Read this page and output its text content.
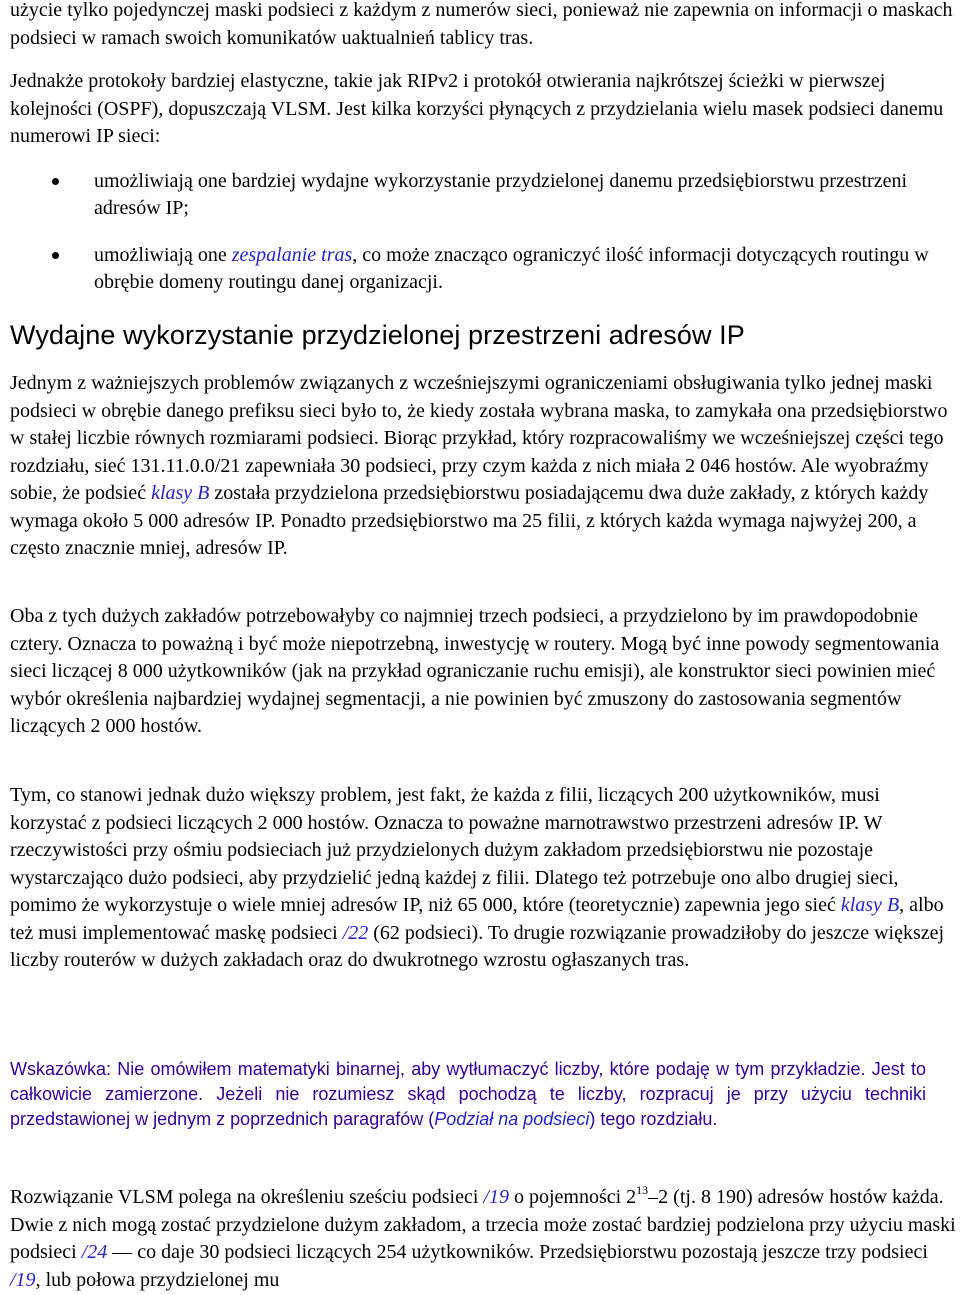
użycie tylko pojedynczej maski podsieci z każdym z numerów sieci, ponieważ nie zapewnia on informacji o maskach podsieci w ramach swoich komunikatów uaktualnień tablicy tras.

Jednakże protokoły bardziej elastyczne, takie jak RIPv2 i protokół otwierania najkrótszej ścieżki w pierwszej kolejności (OSPF), dopuszczają VLSM. Jest kilka korzyści płynących z przydzielania wielu masek podsieci danemu numerowi IP sieci:

umożliwiają one bardziej wydajne wykorzystanie przydzielonej danemu przedsiębiorstwu przestrzeni adresów IP;
umożliwiają one zespalanie tras, co może znacząco ograniczyć ilość informacji dotyczących routingu w obrębie domeny routingu danej organizacji.
Wydajne wykorzystanie przydzielonej przestrzeni adresów IP

Jednym z ważniejszych problemów związanych z wcześniejszymi ograniczeniami obsługiwania tylko jednej maski podsieci w obrębie danego prefiksu sieci było to, że kiedy została wybrana maska, to zamykała ona przedsiębiorstwo w stałej liczbie równych rozmiarami podsieci. Biorąc przykład, który rozpracowaliśmy we wcześniejszej części tego rozdziału, sieć 131.11.0.0/21 zapewniała 30 podsieci, przy czym każda z nich miała 2 046 hostów. Ale wyobraźmy sobie, że podsieć klasy B została przydzielona przedsiębiorstwu posiadającemu dwa duże zakłady, z których każdy wymaga około 5 000 adresów IP. Ponadto przedsiębiorstwo ma 25 filii, z których każda wymaga najwyżej 200, a często znacznie mniej, adresów IP.

Oba z tych dużych zakładów potrzebowałyby co najmniej trzech podsieci, a przydzielono by im prawdopodobnie cztery. Oznacza to poważną i być może niepotrzebną, inwestycję w routery. Mogą być inne powody segmentowania sieci liczącej 8 000 użytkowników (jak na przykład ograniczanie ruchu emisji), ale konstruktor sieci powinien mieć wybór określenia najbardziej wydajnej segmentacji, a nie powinien być zmuszony do zastosowania segmentów liczących 2 000 hostów.

Tym, co stanowi jednak dużo większy problem, jest fakt, że każda z filii, liczących 200 użytkowników, musi korzystać z podsieci liczących 2 000 hostów. Oznacza to poważne marnotrawstwo przestrzeni adresów IP. W rzeczywistości przy ośmiu podsieciach już przydzielonych dużym zakładom przedsiębiorstwu nie pozostaje wystarczająco dużo podsieci, aby przydzielić jedną każdej z filii. Dlatego też potrzebuje ono albo drugiej sieci, pomimo że wykorzystuje o wiele mniej adresów IP, niż 65 000, które (teoretycznie) zapewnia jego sieć klasy B, albo też musi implementować maskę podsieci /22 (62 podsieci). To drugie rozwiązanie prowadziłoby do jeszcze większej liczby routerów w dużych zakładach oraz do dwukrotnego wzrostu ogłaszanych tras.

Wskazówka: Nie omówiłem matematyki binarnej, aby wytłumaczyć liczby, które podaję w tym przykładzie. Jest to całkowicie zamierzone. Jeżeli nie rozumiesz skąd pochodzą te liczby, rozpracuj je przy użyciu techniki przedstawionej w jednym z poprzednich paragrafów (Podział na podsieci) tego rozdziału.

Rozwiązanie VLSM polega na określeniu sześciu podsieci /19 o pojemności $2^{13}-2$ (tj. 8 190) adresów hostów każda. Dwie z nich mogą zostać przydzielone dużym zakładom, a trzecia może zostać bardziej podzielona przy użyciu maski podsieci /24 — co daje 30 podsieci liczących 254 użytkowników. Przedsiębiorstwu pozostają jeszcze trzy podsieci /19, lub połowa przydzielonej mu
